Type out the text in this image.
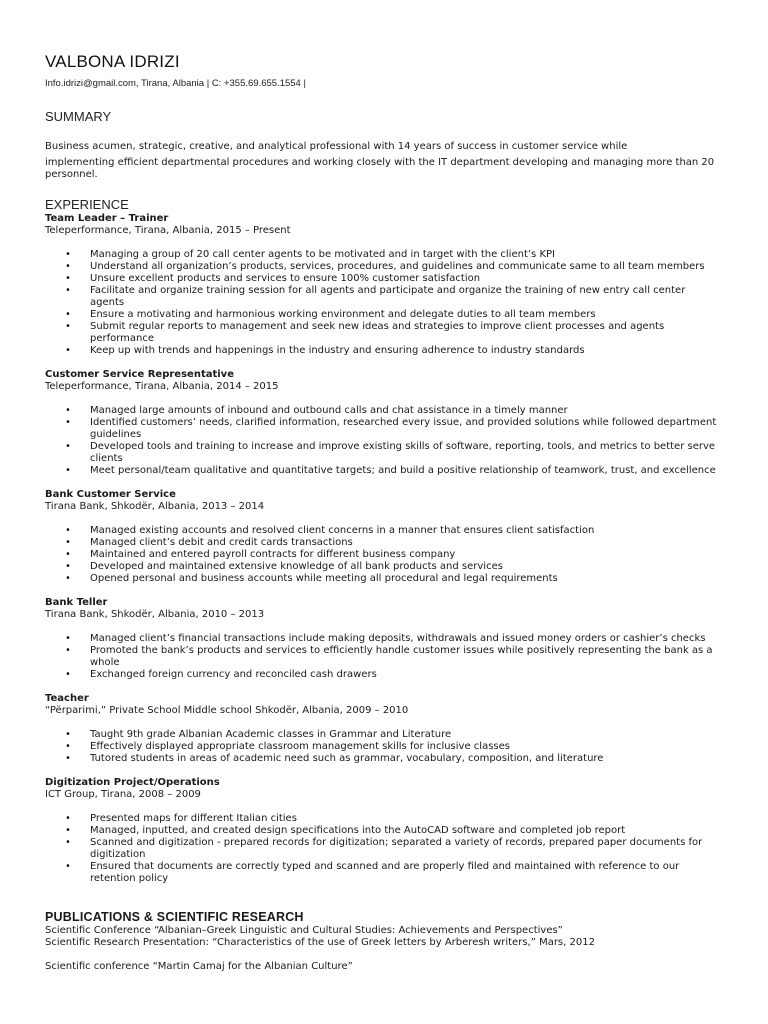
VALBONA IDRIZI
Info.idrizi@gmail.com, Tirana, Albania | C: +355.69.655.1554 |
SUMMARY
Business acumen, strategic, creative, and analytical professional with 14 years of success in customer service while
implementing efficient departmental procedures and working closely with the IT department developing and managing more than 20 personnel.
EXPERIENCE
Team Leader – Trainer
Teleperformance, Tirana, Albania, 2015 – Present
• Managing a group of 20 call center agents to be motivated and in target with the client’s KPI
• Understand all organization’s products, services, procedures, and guidelines and communicate same to all team members
• Unsure excellent products and services to ensure 100% customer satisfaction
• Facilitate and organize training session for all agents and participate and organize the training of new entry call center agents
• Ensure a motivating and harmonious working environment and delegate duties to all team members
• Submit regular reports to management and seek new ideas and strategies to improve client processes and agents performance
• Keep up with trends and happenings in the industry and ensuring adherence to industry standards
Customer Service Representative
Teleperformance, Tirana, Albania, 2014 – 2015
• Managed large amounts of inbound and outbound calls and chat assistance in a timely manner
• Identified customers’ needs, clarified information, researched every issue, and provided solutions while followed department guidelines
• Developed tools and training to increase and improve existing skills of software, reporting, tools, and metrics to better serve clients
• Meet personal/team qualitative and quantitative targets; and build a positive relationship of teamwork, trust, and excellence
Bank Customer Service
Tirana Bank, Shkodër, Albania, 2013 – 2014
• Managed existing accounts and resolved client concerns in a manner that ensures client satisfaction
• Managed client’s debit and credit cards transactions
• Maintained and entered payroll contracts for different business company
• Developed and maintained extensive knowledge of all bank products and services
• Opened personal and business accounts while meeting all procedural and legal requirements
Bank Teller
Tirana Bank, Shkodër, Albania, 2010 – 2013
• Managed client’s financial transactions include making deposits, withdrawals and issued money orders or cashier’s checks
• Promoted the bank’s products and services to efficiently handle customer issues while positively representing the bank as a whole
• Exchanged foreign currency and reconciled cash drawers
Teacher
“Përparimi,” Private School Middle school Shkodër, Albania, 2009 – 2010
• Taught 9th grade Albanian Academic classes in Grammar and Literature
• Effectively displayed appropriate classroom management skills for inclusive classes
• Tutored students in areas of academic need such as grammar, vocabulary, composition, and literature
Digitization Project/Operations
ICT Group, Tirana, 2008 – 2009
• Presented maps for different Italian cities
• Managed, inputted, and created design specifications into the AutoCAD software and completed job report
• Scanned and digitization - prepared records for digitization; separated a variety of records, prepared paper documents for digitization
• Ensured that documents are correctly typed and scanned and are properly filed and maintained with reference to our retention policy
PUBLICATIONS & SCIENTIFIC RESEARCH
Scientific Conference “Albanian–Greek Linguistic and Cultural Studies: Achievements and Perspectives”
Scientific Research Presentation: “Characteristics of the use of Greek letters by Arberesh writers,” Mars, 2012
Scientific conference “Martin Camaj for the Albanian Culture”
